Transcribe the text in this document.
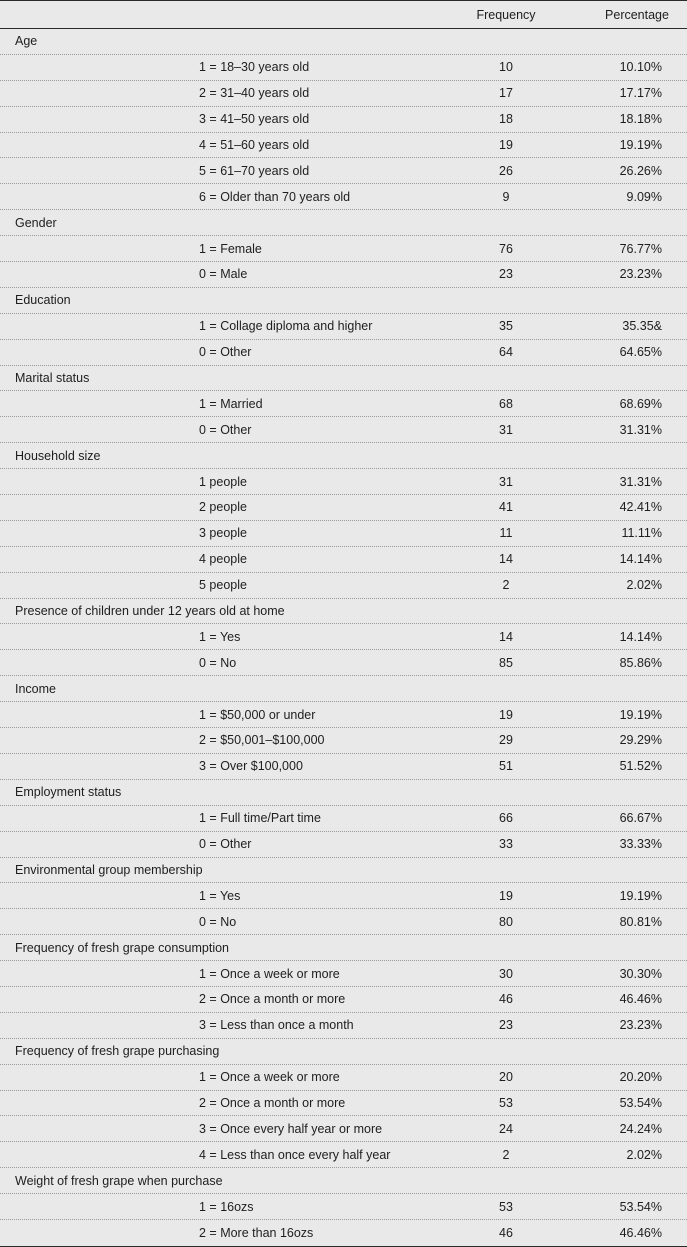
Frequency	Percentage
Age
1 = 18–30 years old	10	10.10%
2 = 31–40 years old	17	17.17%
3 = 41–50 years old	18	18.18%
4 = 51–60 years old	19	19.19%
5 = 61–70 years old	26	26.26%
6 = Older than 70 years old	9	9.09%
Gender
1 = Female	76	76.77%
0 = Male	23	23.23%
Education
1 = Collage diploma and higher	35	35.35&
0 = Other	64	64.65%
Marital status
1 = Married	68	68.69%
0 = Other	31	31.31%
Household size
1 people	31	31.31%
2 people	41	42.41%
3 people	11	11.11%
4 people	14	14.14%
5 people	2	2.02%
Presence of children under 12 years old at home
1 = Yes	14	14.14%
0 = No	85	85.86%
Income
1 = $50,000 or under	19	19.19%
2 = $50,001–$100,000	29	29.29%
3 = Over $100,000	51	51.52%
Employment status
1 = Full time/Part time	66	66.67%
0 = Other	33	33.33%
Environmental group membership
1 = Yes	19	19.19%
0 = No	80	80.81%
Frequency of fresh grape consumption
1 = Once a week or more	30	30.30%
2 = Once a month or more	46	46.46%
3 = Less than once a month	23	23.23%
Frequency of fresh grape purchasing
1 = Once a week or more	20	20.20%
2 = Once a month or more	53	53.54%
3 = Once every half year or more	24	24.24%
4 = Less than once every half year	2	2.02%
Weight of fresh grape when purchase
1 = 16ozs	53	53.54%
2 = More than 16ozs	46	46.46%
